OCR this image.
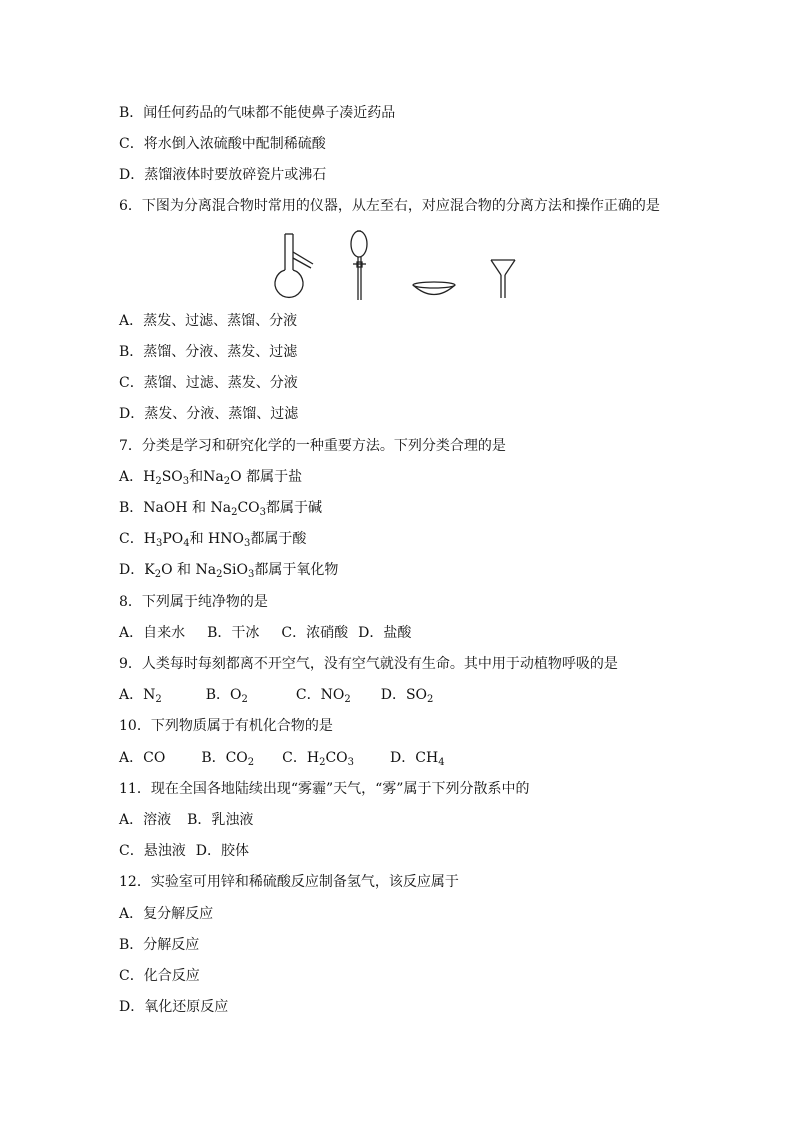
B．闻任何药品的气味都不能使鼻子凑近药品
C．将水倒入浓硫酸中配制稀硫酸
D．蒸馏液体时要放碎瓷片或沸石
6．下图为分离混合物时常用的仪器，从左至右，对应混合物的分离方法和操作正确的是
A．蒸发、过滤、蒸馏、分液
B．蒸馏、分液、蒸发、过滤
C．蒸馏、过滤、蒸发、分液
D．蒸发、分液、蒸馏、过滤
7．分类是学习和研究化学的一种重要方法。下列分类合理的是
A．$H_2SO_3$和$Na_2O$ 都属于盐
B．NaOH 和 $Na_2CO_3$都属于碱
C．$H_3PO_4$和 $HNO_3$都属于酸
D．$K_2O$ 和 $Na_2SiO_3$都属于氧化物
8．下列属于纯净物的是
A．自来水 B．干冰 C．浓硝酸 D．盐酸
9．人类每时每刻都离不开空气，没有空气就没有生命。其中用于动植物呼吸的是
A．$N_2$	B．$O_2$	C．$NO_2$ D．$SO_2$
10．下列物质属于有机化合物的是
A．CO	B．$CO_2$ C．$H_2CO_3$	D．$CH_4$
11．现在全国各地陆续出现“雾霾”天气，“雾”属于下列分散系中的
A．溶液 B．乳浊液
C．悬浊液 D．胶体
12．实验室可用锌和稀硫酸反应制备氢气，该反应属于
A．复分解反应
B．分解反应
C．化合反应
D．氧化还原反应
